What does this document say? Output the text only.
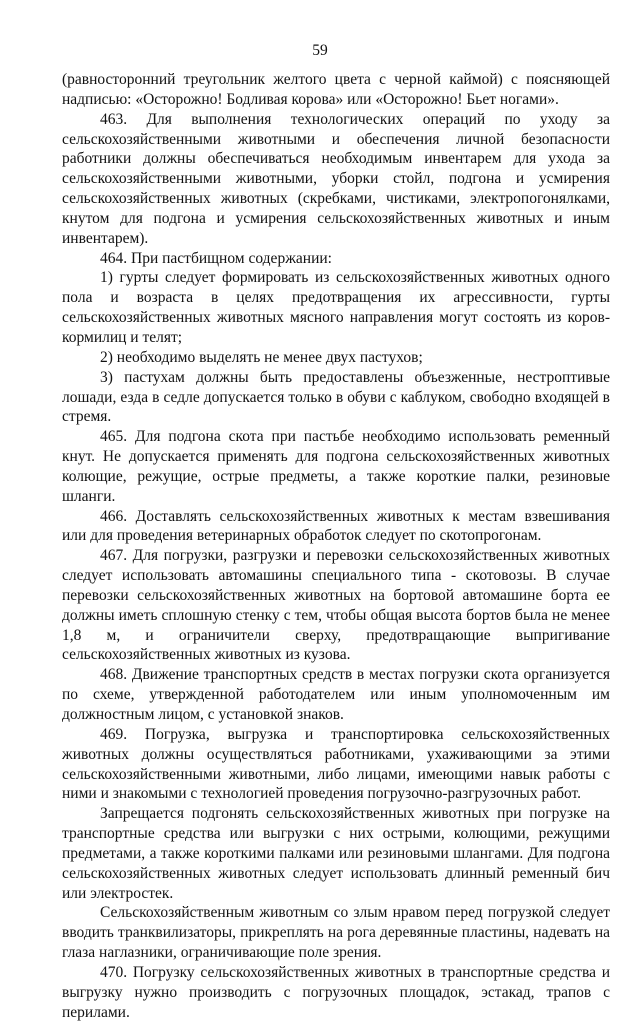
59

(равносторонний треугольник желтого цвета с черной каймой) с поясняющей надписью: «Осторожно! Бодливая корова» или «Осторожно! Бьет ногами».

463. Для выполнения технологических операций по уходу за сельскохозяйственными животными и обеспечения личной безопасности работники должны обеспечиваться необходимым инвентарем для ухода за сельскохозяйственными животными, уборки стойл, подгона и усмирения сельскохозяйственных животных (скребками, чистиками, электропогонялками, кнутом для подгона и усмирения сельскохозяйственных животных и иным инвентарем).

464. При пастбищном содержании:

1) гурты следует формировать из сельскохозяйственных животных одного пола и возраста в целях предотвращения их агрессивности, гурты сельскохозяйственных животных мясного направления могут состоять из коров-кормилиц и телят;

2) необходимо выделять не менее двух пастухов;

3) пастухам должны быть предоставлены объезженные, нестроптивые лошади, езда в седле допускается только в обуви с каблуком, свободно входящей в стремя.

465. Для подгона скота при пастьбе необходимо использовать ременный кнут. Не допускается применять для подгона сельскохозяйственных животных колющие, режущие, острые предметы, а также короткие палки, резиновые шланги.

466. Доставлять сельскохозяйственных животных к местам взвешивания или для проведения ветеринарных обработок следует по скотопрогонам.

467. Для погрузки, разгрузки и перевозки сельскохозяйственных животных следует использовать автомашины специального типа - скотовозы. В случае перевозки сельскохозяйственных животных на бортовой автомашине борта ее должны иметь сплошную стенку с тем, чтобы общая высота бортов была не менее 1,8 м, и ограничители сверху, предотвращающие выпригивание сельскохозяйственных животных из кузова.

468. Движение транспортных средств в местах погрузки скота организуется по схеме, утвержденной работодателем или иным уполномоченным им должностным лицом, с установкой знаков.

469. Погрузка, выгрузка и транспортировка сельскохозяйственных животных должны осуществляться работниками, ухаживающими за этими сельскохозяйственными животными, либо лицами, имеющими навык работы с ними и знакомыми с технологией проведения погрузочно-разгрузочных работ.

Запрещается подгонять сельскохозяйственных животных при погрузке на транспортные средства или выгрузки с них острыми, колющими, режущими предметами, а также короткими палками или резиновыми шлангами. Для подгона сельскохозяйственных животных следует использовать длинный ременный бич или электростек.

Сельскохозяйственным животным со злым нравом перед погрузкой следует вводить транквилизаторы, прикреплять на рога деревянные пластины, надевать на глаза наглазники, ограничивающие поле зрения.

470. Погрузку сельскохозяйственных животных в транспортные средства и выгрузку нужно производить с погрузочных площадок, эстакад, трапов с перилами.
